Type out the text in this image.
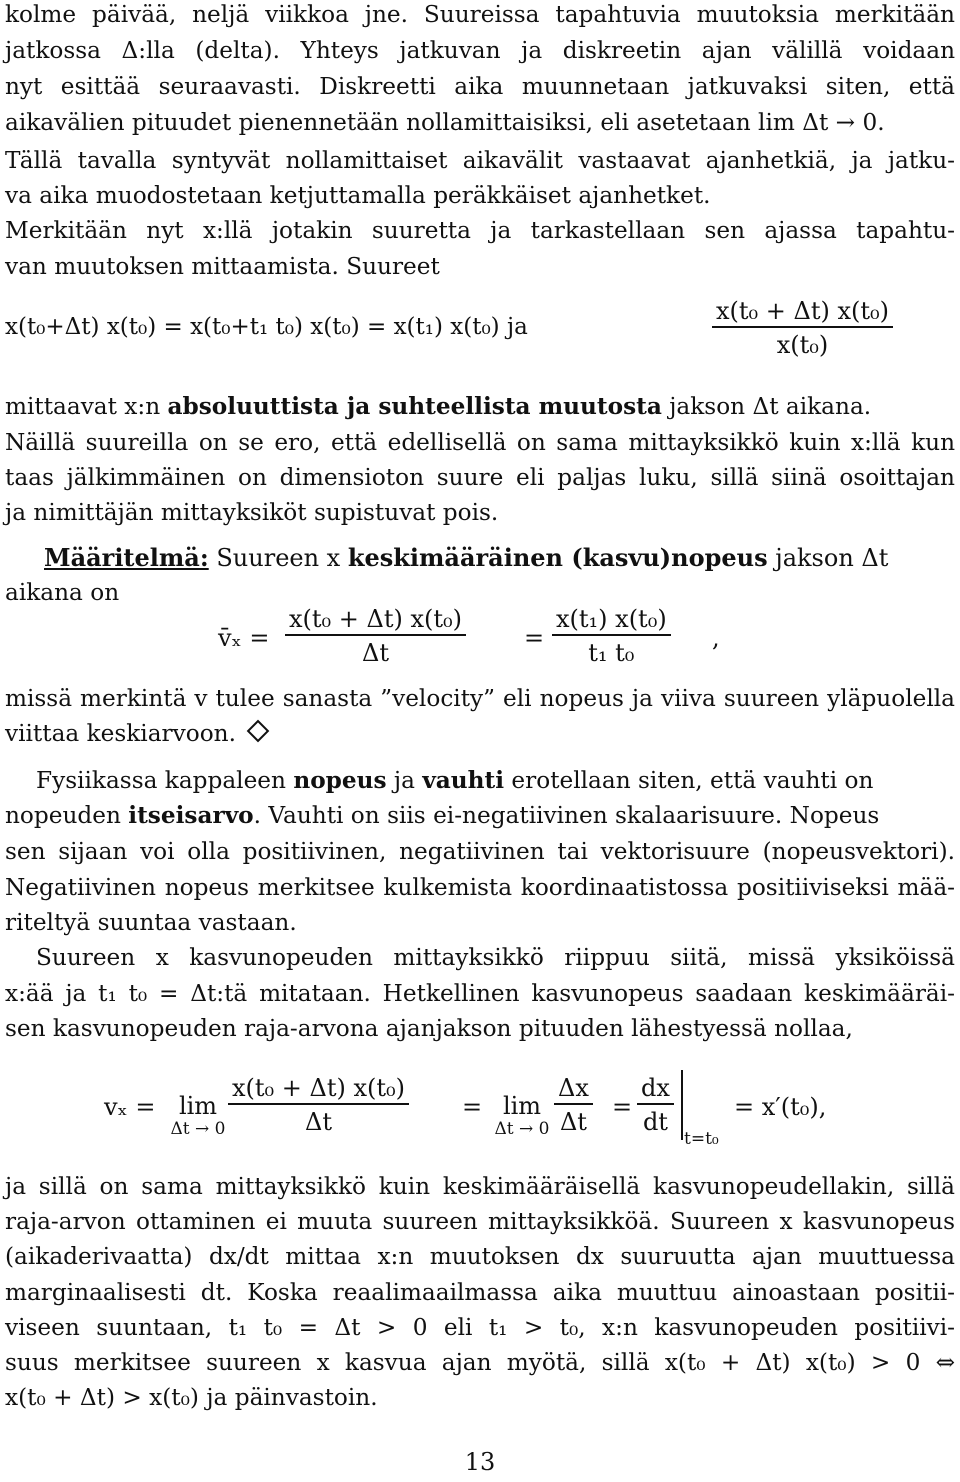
kolme päivää, neljä viikkoa jne. Suureissa tapahtuvia muutoksia merkitään
jatkossa Δ:lla (delta). Yhteys jatkuvan ja diskreetin ajan välillä voidaan
nyt esittää seuraavasti. Diskreetti aika muunnetaan jatkuvaksi siten, että
aikavälien pituudet pienennetään nollamittaisiksi, eli asetetaan lim Δt → 0.
Tällä tavalla syntyvät nollamittaiset aikavälit vastaavat ajanhetkiä, ja jatku-
va aika muodostetaan ketjuttamalla peräkkäiset ajanhetket.
Merkitään nyt x:llä jotakin suuretta ja tarkastellaan sen ajassa tapahtu-
van muutoksen mittaamista. Suureet
x(t₀+Δt) x(t₀) = x(t₀+t₁ t₀) x(t₀) = x(t₁) x(t₀) ja
x(t₀ + Δt) x(t₀)
x(t₀)
mittaavat x:n absoluuttista ja suhteellista muutosta jakson Δt aikana.
Näillä suureilla on se ero, että edellisellä on sama mittayksikkö kuin x:llä kun
taas jälkimmäinen on dimensioton suure eli paljas luku, sillä siinä osoittajan
ja nimittäjän mittayksiköt supistuvat pois.
Määritelmä: Suureen x keskimääräinen (kasvu)nopeus jakson Δt
aikana on
v̄ₓ =
x(t₀ + Δt) x(t₀)
Δt
=
x(t₁) x(t₀)
t₁ t₀
,
missä merkintä v tulee sanasta ”velocity” eli nopeus ja viiva suureen yläpuolella
viittaa keskiarvoon.
Fysiikassa kappaleen nopeus ja vauhti erotellaan siten, että vauhti on
nopeuden itseisarvo. Vauhti on siis ei-negatiivinen skalaarisuure. Nopeus
sen sijaan voi olla positiivinen, negatiivinen tai vektorisuure (nopeusvektori).
Negatiivinen nopeus merkitsee kulkemista koordinaatistossa positiiviseksi mää-
riteltyä suuntaa vastaan.
Suureen x kasvunopeuden mittayksikkö riippuu siitä, missä yksiköissä
x:ää ja t₁ t₀ = Δt:tä mitataan. Hetkellinen kasvunopeus saadaan keskimääräi-
sen kasvunopeuden raja-arvona ajanjakson pituuden lähestyessä nollaa,
vₓ = lim
Δt → 0
x(t₀ + Δt) x(t₀)
Δt
= lim
Δt → 0
Δx
Δt
=
dx
dt
t=t₀
= x′(t₀),
ja sillä on sama mittayksikkö kuin keskimääräisellä kasvunopeudellakin, sillä
raja-arvon ottaminen ei muuta suureen mittayksikköä. Suureen x kasvunopeus
(aikaderivaatta) dx/dt mittaa x:n muutoksen dx suuruutta ajan muuttuessa
marginaalisesti dt. Koska reaalimaailmassa aika muuttuu ainoastaan positii-
viseen suuntaan, t₁ t₀ = Δt > 0 eli t₁ > t₀, x:n kasvunopeuden positiivi-
suus merkitsee suureen x kasvua ajan myötä, sillä x(t₀ + Δt) x(t₀) > 0 ⇔
x(t₀ + Δt) > x(t₀) ja päinvastoin.
13
